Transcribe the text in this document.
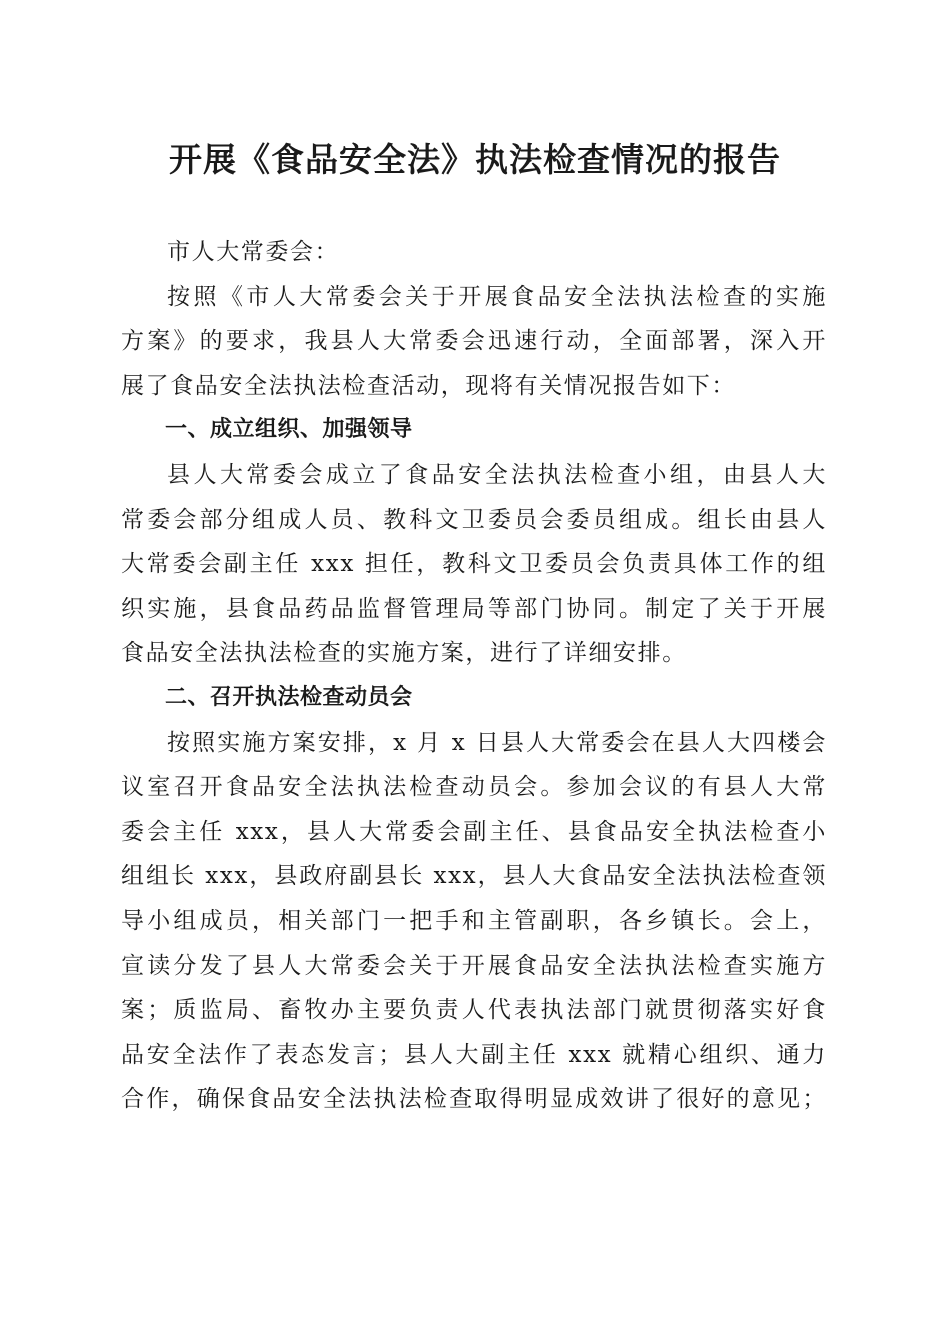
开展《食品安全法》执法检查情况的报告

市人大常委会：

按照《市人大常委会关于开展食品安全法执法检查的实施
方案》的要求，我县人大常委会迅速行动，全面部署，深入开
展了食品安全法执法检查活动，现将有关情况报告如下：

一、成立组织、加强领导

县人大常委会成立了食品安全法执法检查小组，由县人大
常委会部分组成人员、教科文卫委员会委员组成。组长由县人
大常委会副主任 xxx 担任，教科文卫委员会负责具体工作的组
织实施，县食品药品监督管理局等部门协同。制定了关于开展
食品安全法执法检查的实施方案，进行了详细安排。

二、召开执法检查动员会

按照实施方案安排，x 月 x 日县人大常委会在县人大四楼会
议室召开食品安全法执法检查动员会。参加会议的有县人大常
委会主任 xxx，县人大常委会副主任、县食品安全执法检查小
组组长 xxx，县政府副县长 xxx，县人大食品安全法执法检查领
导小组成员，相关部门一把手和主管副职，各乡镇长。会上，
宣读分发了县人大常委会关于开展食品安全法执法检查实施方
案；质监局、畜牧办主要负责人代表执法部门就贯彻落实好食
品安全法作了表态发言；县人大副主任 xxx 就精心组织、通力
合作，确保食品安全法执法检查取得明显成效讲了很好的意见；
